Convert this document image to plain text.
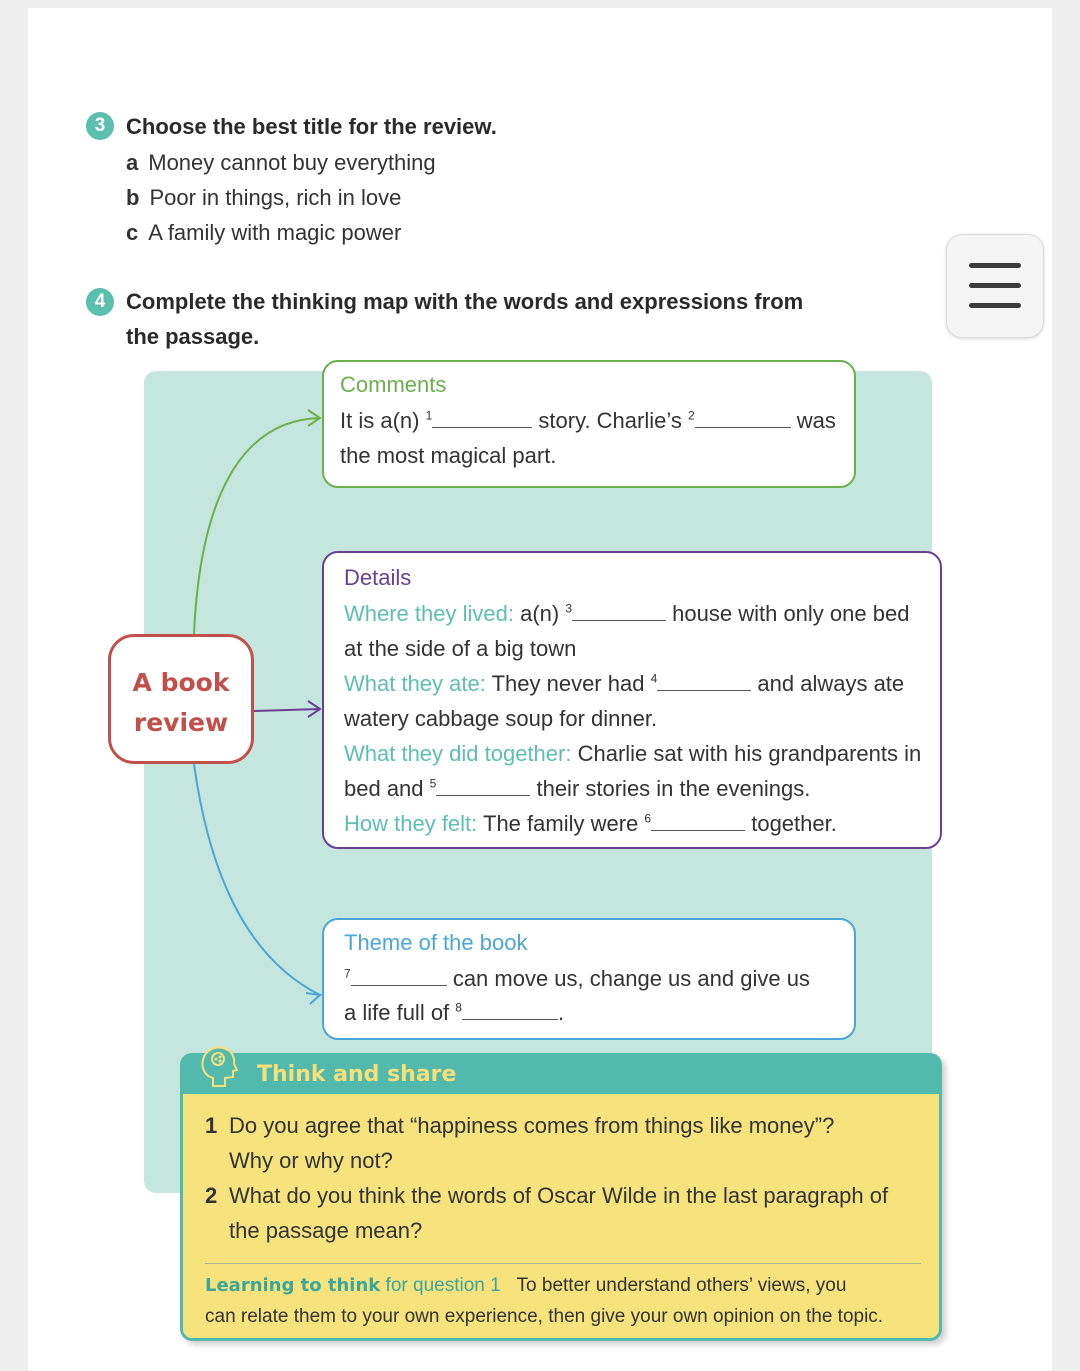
3 Choose the best title for the review.
a Money cannot buy everything
b Poor in things, rich in love
c A family with magic power
4 Complete the thinking map with the words and expressions from
the passage.
A book
review
Comments
It is a(n) $^1$	story. Charlie’s $^2$	was
the most magical part.
Details
Where they lived: a(n) $^3$	house with only one bed
at the side of a big town
What they ate: They never had $^4$	and always ate
watery cabbage soup for dinner.
What they did together: Charlie sat with his grandparents in
bed and $^5$	their stories in the evenings.
How they felt: The family were $^6$	together.
Theme of the book
$^7$	can move us, change us and give us
a life full of $^8$	.
Think and share
1 Do you agree that “happiness comes from things like money”?
Why or why not?
2 What do you think the words of Oscar Wilde in the last paragraph of
the passage mean?
Learning to think for question 1 To better understand others’ views, you
can relate them to your own experience, then give your own opinion on the topic.
